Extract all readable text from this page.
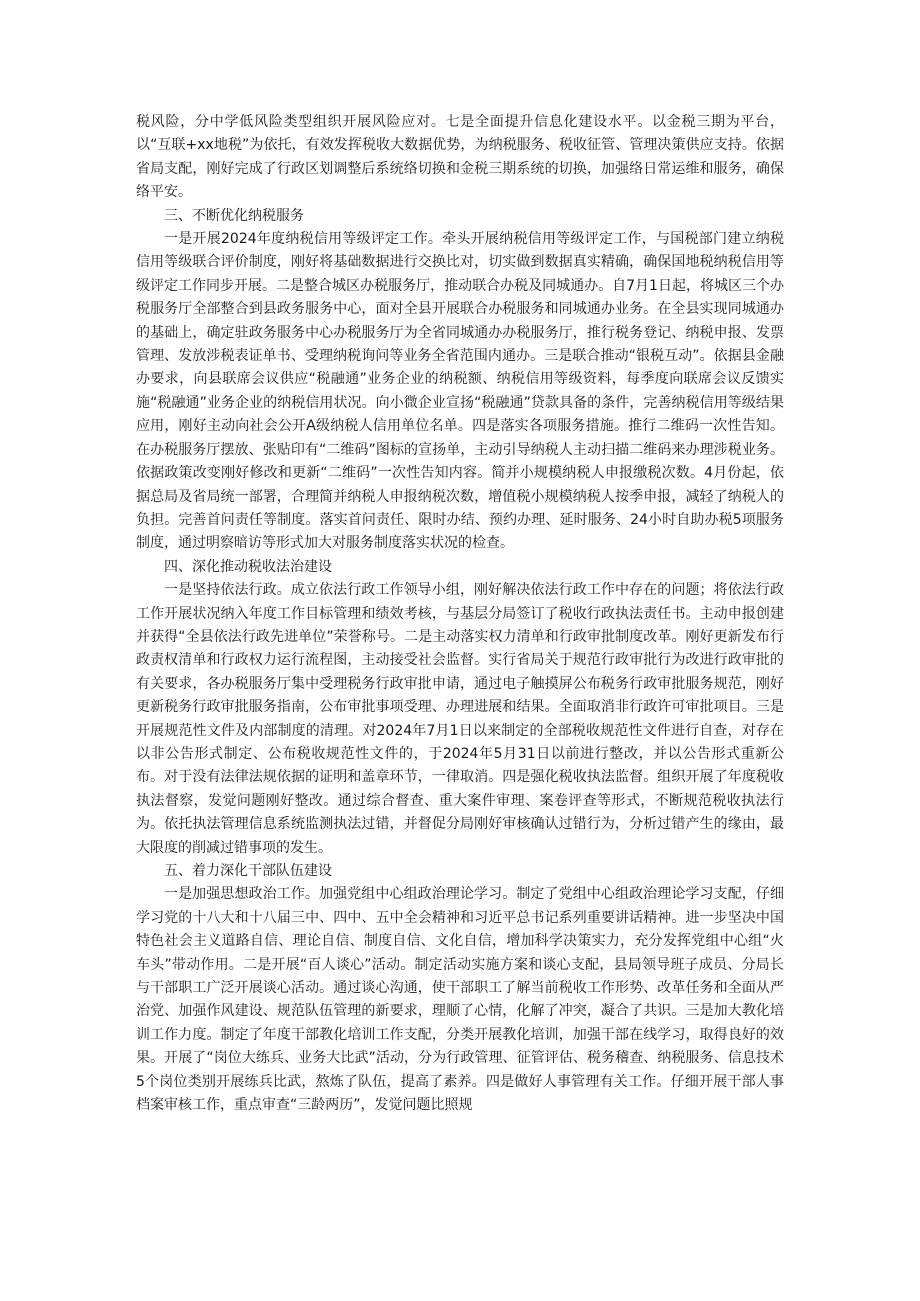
税风险，分中学低风险类型组织开展风险应对。七是全面提升信息化建设水平。以金税三期为平台，以“互联+xx地税”为依托，有效发挥税收大数据优势，为纳税服务、税收征管、管理决策供应支持。依据省局支配，刚好完成了行政区划调整后系统络切换和金税三期系统的切换，加强络日常运维和服务，确保络平安。

三、不断优化纳税服务

一是开展2024年度纳税信用等级评定工作。牵头开展纳税信用等级评定工作，与国税部门建立纳税信用等级联合评价制度，刚好将基础数据进行交换比对，切实做到数据真实精确，确保国地税纳税信用等级评定工作同步开展。二是整合城区办税服务厅，推动联合办税及同城通办。自7月1日起，将城区三个办税服务厅全部整合到县政务服务中心，面对全县开展联合办税服务和同城通办业务。在全县实现同城通办的基础上，确定驻政务服务中心办税服务厅为全省同城通办办税服务厅，推行税务登记、纳税申报、发票管理、发放涉税表证单书、受理纳税询问等业务全省范围内通办。三是联合推动“银税互动”。依据县金融办要求，向县联席会议供应“税融通”业务企业的纳税额、纳税信用等级资料，每季度向联席会议反馈实施“税融通”业务企业的纳税信用状况。向小微企业宣扬“税融通”贷款具备的条件，完善纳税信用等级结果应用，刚好主动向社会公开A级纳税人信用单位名单。四是落实各项服务措施。推行二维码一次性告知。在办税服务厅摆放、张贴印有“二维码”图标的宣扬单，主动引导纳税人主动扫描二维码来办理涉税业务。依据政策改变刚好修改和更新“二维码”一次性告知内容。简并小规模纳税人申报缴税次数。4月份起，依据总局及省局统一部署，合理简并纳税人申报纳税次数，增值税小规模纳税人按季申报，减轻了纳税人的负担。完善首问责任等制度。落实首问责任、限时办结、预约办理、延时服务、24小时自助办税5项服务制度，通过明察暗访等形式加大对服务制度落实状况的检查。

四、深化推动税收法治建设

一是坚持依法行政。成立依法行政工作领导小组，刚好解决依法行政工作中存在的问题；将依法行政工作开展状况纳入年度工作目标管理和绩效考核，与基层分局签订了税收行政执法责任书。主动申报创建并获得“全县依法行政先进单位”荣誉称号。二是主动落实权力清单和行政审批制度改革。刚好更新发布行政责权清单和行政权力运行流程图，主动接受社会监督。实行省局关于规范行政审批行为改进行政审批的有关要求，各办税服务厅集中受理税务行政审批申请，通过电子触摸屏公布税务行政审批服务规范，刚好更新税务行政审批服务指南，公布审批事项受理、办理进展和结果。全面取消非行政许可审批项目。三是开展规范性文件及内部制度的清理。对2024年7月1日以来制定的全部税收规范性文件进行自查，对存在以非公告形式制定、公布税收规范性文件的，于2024年5月31日以前进行整改，并以公告形式重新公布。对于没有法律法规依据的证明和盖章环节，一律取消。四是强化税收执法监督。组织开展了年度税收执法督察，发觉问题刚好整改。通过综合督查、重大案件审理、案卷评查等形式，不断规范税收执法行为。依托执法管理信息系统监测执法过错，并督促分局刚好审核确认过错行为，分析过错产生的缘由，最大限度的削减过错事项的发生。

五、着力深化干部队伍建设

一是加强思想政治工作。加强党组中心组政治理论学习。制定了党组中心组政治理论学习支配，仔细学习党的十八大和十八届三中、四中、五中全会精神和习近平总书记系列重要讲话精神。进一步坚决中国特色社会主义道路自信、理论自信、制度自信、文化自信，增加科学决策实力，充分发挥党组中心组“火车头”带动作用。二是开展“百人谈心”活动。制定活动实施方案和谈心支配，县局领导班子成员、分局长与干部职工广泛开展谈心活动。通过谈心沟通，使干部职工了解当前税收工作形势、改革任务和全面从严治党、加强作风建设、规范队伍管理的新要求，理顺了心情，化解了冲突，凝合了共识。三是加大教化培训工作力度。制定了年度干部教化培训工作支配，分类开展教化培训，加强干部在线学习，取得良好的效果。开展了“岗位大练兵、业务大比武”活动，分为行政管理、征管评估、税务稽查、纳税服务、信息技术5个岗位类别开展练兵比武，熬炼了队伍，提高了素养。四是做好人事管理有关工作。仔细开展干部人事档案审核工作，重点审查“三龄两历”，发觉问题比照规
